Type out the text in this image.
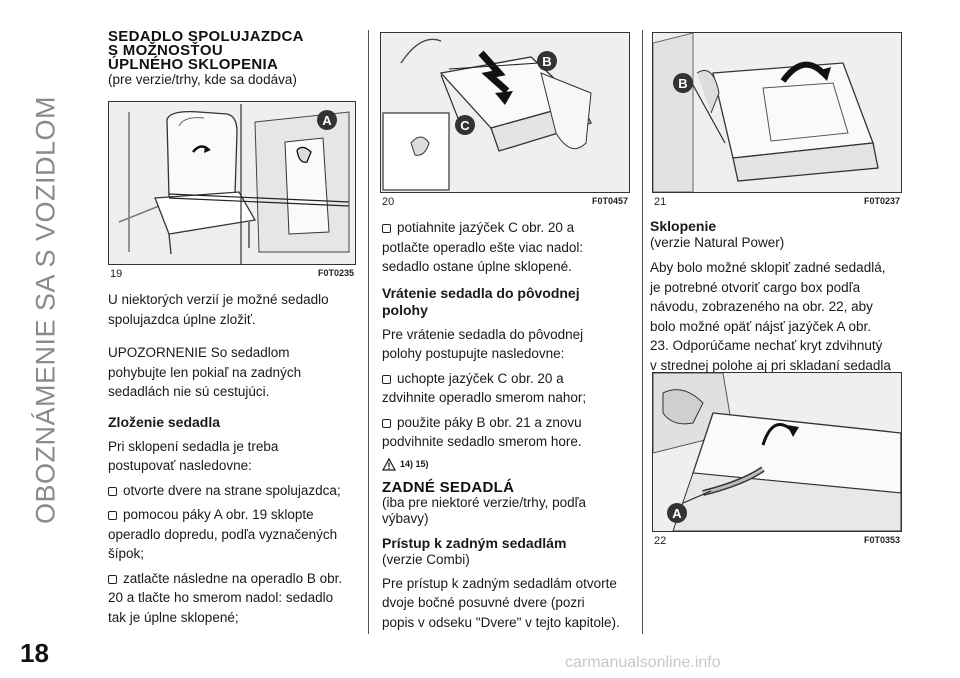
OBOZNÁMENIE SA S VOZIDLOM
18	carmanualsonline.info

SEDADLO SPOLUJAZDCA

S MOŽNOSŤOU

ÚPLNÉHO SKLOPENIA

(pre verzie/trhy, kde sa dodáva)

A
19	F0T0235

U niektorých verzií je možné sedadlo

spolujazdca úplne zložiť.

UPOZORNENIE So sedadlom

pohybujte len pokiaľ na zadných

sedadlách nie sú cestujúci.

Zloženie sedadla

Pri sklopení sedadla je treba

postupovať nasledovne:

otvorte dvere na strane spolujazdca;

pomocou páky A obr. 19 sklopte

operadlo dopredu, podľa vyznačených

šípok;

zatlačte následne na operadlo B obr.

20 a tlačte ho smerom nadol: sedadlo

tak je úplne sklopené;

B
C
20	F0T0457

potiahnite jazýček C obr. 20 a

potlačte operadlo ešte viac nadol:

sedadlo ostane úplne sklopené.

Vrátenie sedadla do pôvodnej

polohy

Pre vrátenie sedadla do pôvodnej

polohy postupujte nasledovne:

uchopte jazýček C obr. 20 a

zdvihnite operadlo smerom nahor;

použite páky B obr. 21 a znovu

podvihnite sedadlo smerom hore.

14) 15)

ZADNÉ SEDADLÁ

(iba pre niektoré verzie/trhy, podľa

výbavy)

Prístup k zadným sedadlám

(verzie Combi)

Pre prístup k zadným sedadlám otvorte

dvoje bočné posuvné dvere (pozri

popis v odseku "Dvere" v tejto kapitole).

B
21	F0T0237

Sklopenie

(verzie Natural Power)

Aby bolo možné sklopiť zadné sedadlá,

je potrebné otvoriť cargo box podľa

návodu, zobrazeného na obr. 22, aby

bolo možné opäť nájsť jazýček A obr.

23. Odporúčame nechať kryt zdvihnutý

v strednej polohe aj pri skladaní sedadla

A
22	F0T0353
